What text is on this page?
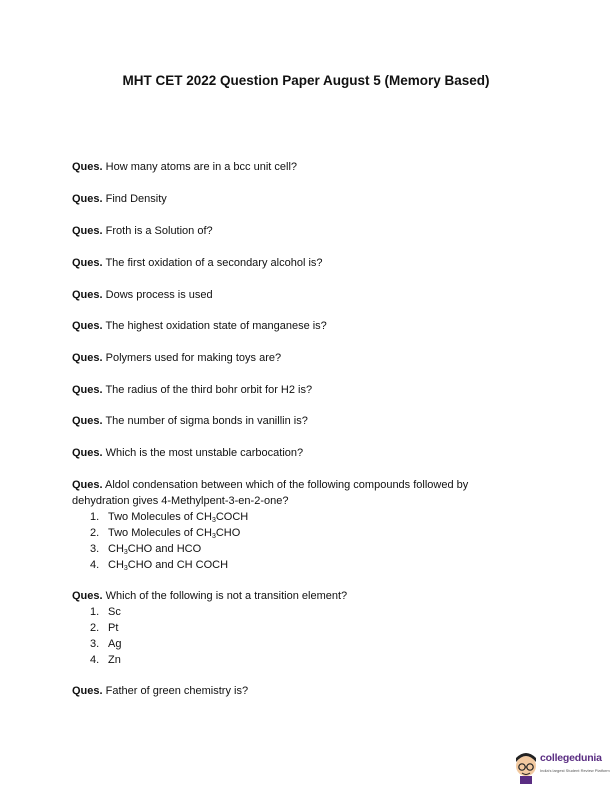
MHT CET 2022 Question Paper August 5 (Memory Based)
Ques. How many atoms are in a bcc unit cell?
Ques. Find Density
Ques. Froth is a Solution of?
Ques. The first oxidation of a secondary alcohol is?
Ques. Dows process is used
Ques. The highest oxidation state of manganese is?
Ques. Polymers used for making toys are?
Ques. The radius of the third bohr orbit for H2 is?
Ques. The number of sigma bonds in vanillin is?
Ques. Which is the most unstable carbocation?
Ques. Aldol condensation between which of the following compounds followed by
dehydration gives 4-Methylpent-3-en-2-one?
1. Two Molecules of $CH_3COCH$
2. Two Molecules of $CH_3CHO$
3. $CH_3CHO$ and HCO
4. $CH_3CHO$ and CH COCH
Ques. Which of the following is not a transition element?
1. Sc
2. Pt
3. Ag
4. Zn
Ques. Father of green chemistry is?
collegedunia
India's largest Student Review Platform
